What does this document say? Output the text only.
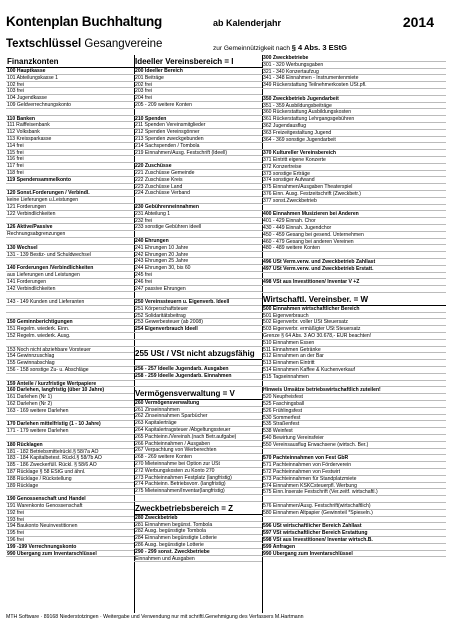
Kontenplan Buchhaltung	ab Kalenderjahr	2014
Textschlüssel Gesangvereine	zur Gemeinnützigkeit nach § 4 Abs. 3 EStG
Finanzkonten
100 Hauptkasse
101 Abteilungskasse 1
102 frei
103 frei
104 Jugendkasse
109 Geldverrechnungskonto
110 Banken
111 Raiffeisenbank
112 Volksbank
113 Kreissparkasse
114 frei
115 frei
116 frei
117 frei
118 frei
119 Spendensammelkonto
120 Sonst.Forderungen / Verbindl.
keine Lieferungen u.Leistungen
121 Forderungen
122 Verbindlichkeiten
126 Aktive/Passive
Rechnungsabgrenzungen
130 Wechsel
131 - 139 Bestiz- und Schuldwechsel
140 Forderungen /Verbindlichkeiten
aus Lieferungen und Leistungen
141 Forderungen
142 Verbindlichkeiten
143 - 149 Kunden und Lieferanten
150 Geminnberichtigungen
151 Regelm. wiederk. Einn.
152 Regelm. wiederk. Ausg.
153 Noch nicht abziehbare Vorsteuer
154 Gewinnzuschlag
155 Gewinnabschlag
156 - 158 sonstige Zu- u. Abschläge
159 Anteile / kurzfristige Wertpapiere
160 Darlehen, langfristig (über 10 Jahre)
161 Darlehen (Nr 1)
162 Darlehen (Nr 2)
163 - 169 weitere Darlehen
170 Darlehen mittelfristig (1 - 10 Jahre)
171 - 179 weitere Darlehen
180 Rücklagen
181 - 182 Betriebsmittelrückl.§ 58/7a AO
183 - 184 Kapitalbetest. Rückl.§ 58/7b AO
185 - 186 Zweckerfüll. Rückl. § 58/6 AO
187 Rücklage § 58 EStG und ähnl.
188 Rücklage / Rückstellung
189 Rücklage
190 Genossenschaft und Handel
191 Warenkonto Genossenschaft
192 frei
193 frei
194 Baukonto Neuinvestitionen
195 frei
196 frei
199 -199 Verrechnungskonto
990 Übergang zum Inventarschlüssel
Ideeller Vereinsbereich = I
200 Ideeller Bereich
201 Beiträge
202 frei
203 frei
204 frei
205 - 209 weitere Konten
210 Spenden
211 Spenden Vereinsmitglieder
212 Spenden Vereinsgönner
213 Spenden zweckgebunden
214 Sachspenden / Tombola
219 Einnahmen/Ausg. Festschrift (Ideell)
220 Zuschüsse
221 Zuschüsse Gemeinde
222 Zuschüsse Kreis
223 Zuschüsse Land
224 Zuschüsse Verband
230 Gebührenneinnahmen
231 Abteilung 1
232 frei
233 sonstige Gebühren ideell
240 Ehrungen
241 Ehrungen 10 Jahre
242 Ehrungen 20 Jahre
243 Ehrungen 25 Jahre
244 Ehrungen 30, bis 60
245 frei
246 frei
247 passive Ehrungen
250 Vereinssteuern u. Eigenverb. Ideell
251 Körperschaftsteuer
252 Solidaritätsbeitrag
253 Gewerbesteuer (ab 2008)
254 Eigenverbrauch Ideell
255 USt / VSt nicht abzugsfähig
256 - 257 Ideelle Jugendarb. Ausgaben
258 - 259 Ideelle Jugendarb. Einnahmen
Vermögensverwaltung = V
260 Vermögensverwaltung
261 Zinseinnahmen
262 Zinseinnahmen Sparbücher
263 Kapitalerträge
264 Kapitalertragsteuer /Abgeltungssteuer
265 Pachteinn./Vereinsh.(nach Betr.aufgabe)
266 Pachteinnahmen / Ausgaben
267 Verpachtung von Werberechten
268 - 269 weitere Konten
270 Mieteinnahme bei Option zur USt
272 Werbungskosten zu Konto 270
273 Pachteinnahmen Festplatz (langfristig)
274 Pachteinn. Betriebsvorr. (langfristig)
275 Mieteinnahmen/Inventar(langfristig)
Zweckbetriebsbereich = Z
280 Zweckbetrieb
281 Einnahmen begünst. Tombola
282 Ausg. begünstigte Tombola
284 Einnahmen begünstigte Lotterie
286 Ausg. begünstigte Lotterie
290 - 299 sonst. Zweckbetriebe
Einnahmen und Ausgaben
300 Zweckbetriebe
301 - 320 Werbungsgaben
321 - 340 Konzertaufzug
341 - 348 Einnahmen - Instrumentenmiete
349 Rückerstattung Teilnehmerkosten USt.pfl.
350 Zweckbetrieb Jugendarbeit
351 - 359 Ausbildungsbeiträge
360 Rückerstattung Ausbildungskosten
361 Rückerstattung Lehrgangsgebühren
362 Jugendausflug
363 Freizeitgestaltung Jugend
364 - 369 sonstige Jugendarbeit
370 Kultureller Vereinsbereich
371 Eintritt eigene Konzerte
372 Konzertreise
373 sonstige Erträge
374 sonstiger Aufwand
375 Einnahmen/Ausgaben Theaterspiel
376 Einn. Ausg. Festzeitschrift (Zweckbetr.)
377 sonst.Zweckbetrieb
400 Einnahmen Musizieren bei Anderen
401 - 429 Einnah. Chor
430 - 449 Einnah. Jugendchor
450 - 459 Gesang bei gesend. Unternehmen
460 - 479 Gesang bei anderen Vereinen
480 - 489 weitere Konten
496 USt Verm.verw. und Zweckbetrieb Zahllast
497 USt Verm.verw. und Zweckbetrieb Erstatt.
498 VSt aus Investitionen/ Inventar V +Z
Wirtschaftl. Vereinsber. = W
500 Einnahmen wirtschaftlicher Bereich
501 Eigenverbrauch
502 Eigenverbr. voller USt Steuersatz
503 Eigenverbr. ermäßigter USt Steuersatz
Grenze § 64 Abs. 3 AO 30.678,- EUR beachten!
510 Einnahmen Essen
511 Einnahmen Getränke
512 Einnahmen an der Bar
513 Einnahmen Eintritt
514 Einnahmen Kaffee & Kuchenverkauf
515 Tagseinnahmen
Hinweis Umsätze betriebswirtschaftlich zuteilen!
520 Neupfreisfest
525 Faschingsball
526 Frühlingsfest
530 Sommerfest
535 Straßenfest
538 Weinfest
540 Bewirtung Vereinsfeier
550 Vereinsausflug Erwachsene (wirtsch. Ber.)
570 Pachteinnahmen von Fest GbR
571 Pachteinnahmen von Förderverein
572 Pachteinnahmen von Festwirt
573 Pachteinnahmen für Standplatzmiete
574 Einnahmen KSKCsteuerpfl. Werbung
575 Einn.Inserate Festschrift (Ver.zeitf. wirtschaftl.)
576 Einnahmen/Ausg. Festschrift(wirtschaftlich)
580 Einnahmen Altpapier (Gewinnteil *Spieseln.)
596 USt wirtschaftlicher Bereich Zahllast
597 VSt wirtschaftlicher Bereich Erstattung
598 VSt aus Investitionen/ Inventar wirtsch.B.
599 Anfragen
990 Übergang zum Inventarschlüssel
MTH Software · 89168 Niederstotzingen · Weitergabe und Verwendung nur mit schriftl.Genehmigung des Verfassers M.Hartmann
